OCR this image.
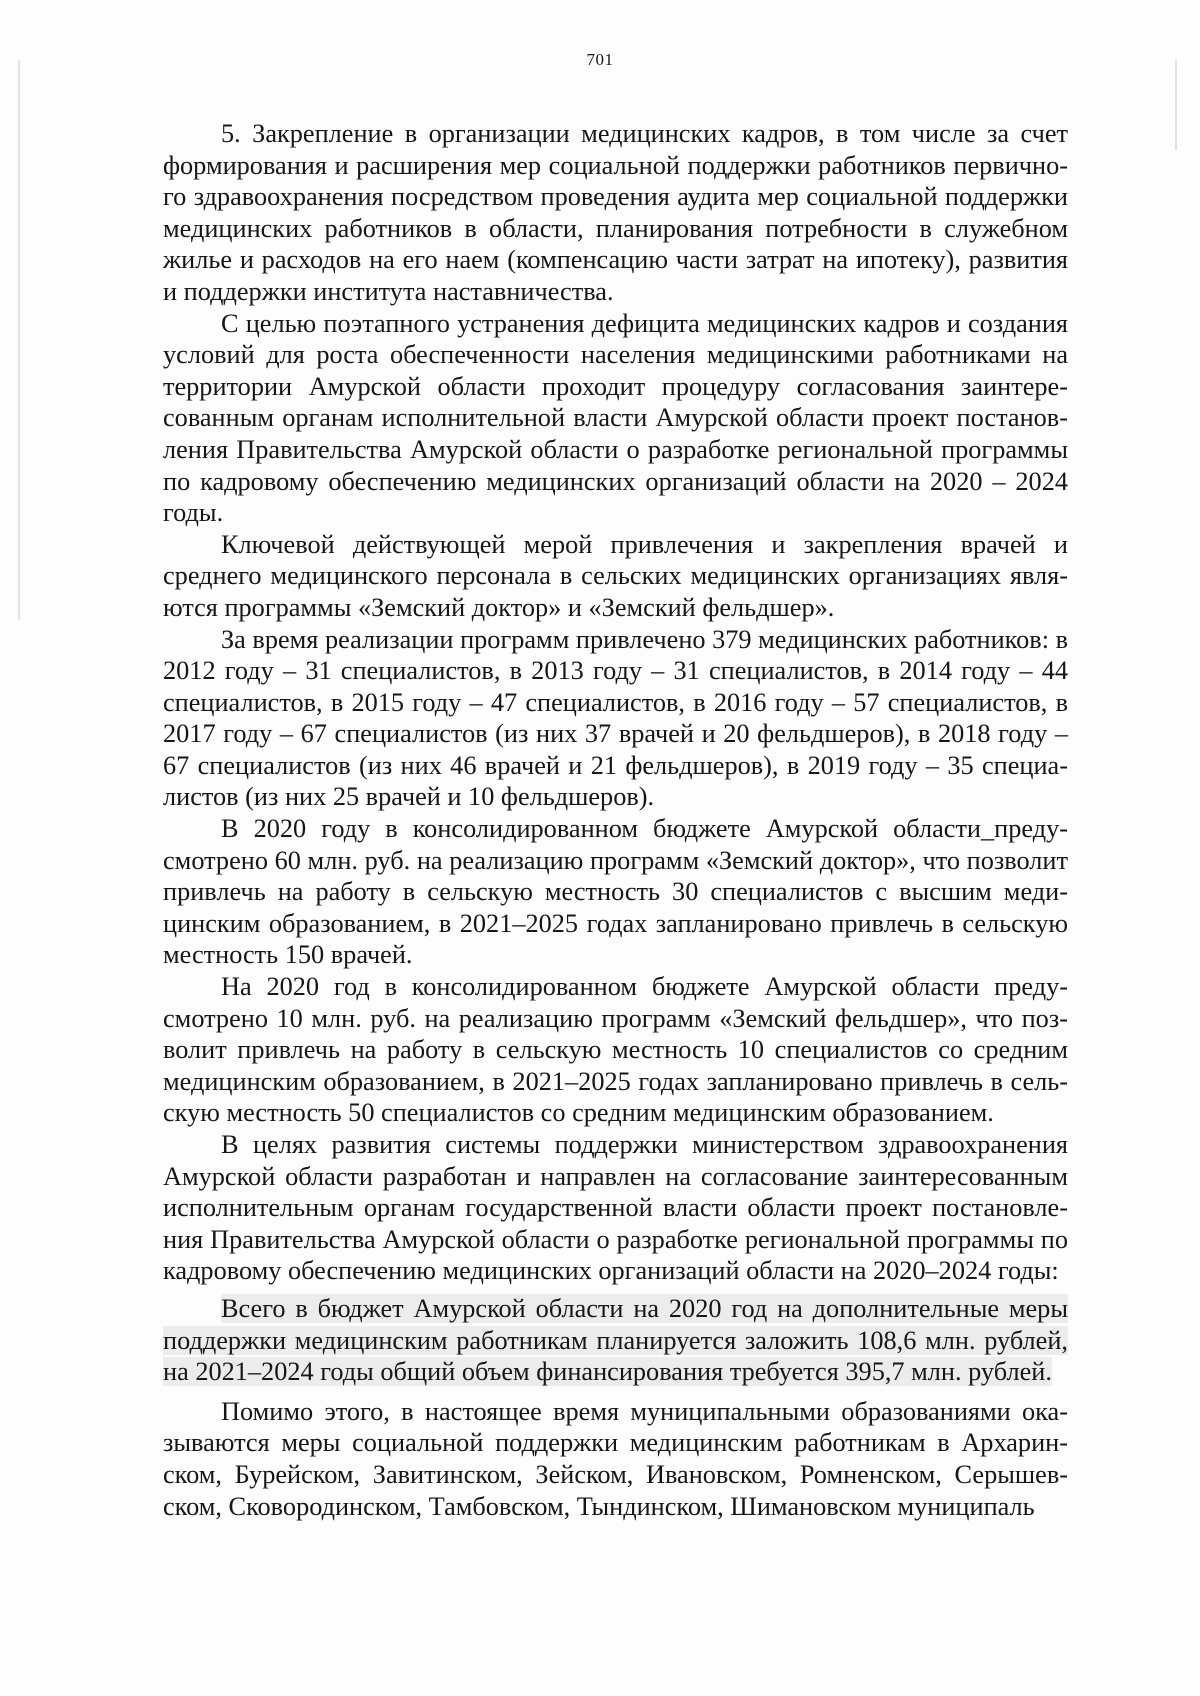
701

5. Закрепление в организации медицинских кадров, в том числе за счет формирования и расширения мер социальной поддержки работников первичного здравоохранения посредством проведения аудита мер социальной поддержки медицинских работников в области, планирования потребности в служебном жилье и расходов на его наем (компенсацию части затрат на ипотеку), развития и поддержки института наставничества.

С целью поэтапного устранения дефицита медицинских кадров и создания условий для роста обеспеченности населения медицинскими работниками на территории Амурской области проходит процедуру согласования заинтересованным органам исполнительной власти Амурской области проект постановления Правительства Амурской области о разработке региональной программы по кадровому обеспечению медицинских организаций области на 2020 – 2024 годы.

Ключевой действующей мерой привлечения и закрепления врачей и среднего медицинского персонала в сельских медицинских организациях являются программы «Земский доктор» и «Земский фельдшер».

За время реализации программ привлечено 379 медицинских работников: в 2012 году – 31 специалистов, в 2013 году – 31 специалистов, в 2014 году – 44 специалистов, в 2015 году – 47 специалистов, в 2016 году – 57 специалистов, в 2017 году – 67 специалистов (из них 37 врачей и 20 фельдшеров), в 2018 году – 67 специалистов (из них 46 врачей и 21 фельдшеров), в 2019 году – 35 специалистов (из них 25 врачей и 10 фельдшеров).

В 2020 году в консолидированном бюджете Амурской области_предусмотрено 60 млн. руб. на реализацию программ «Земский доктор», что позволит привлечь на работу в сельскую местность 30 специалистов с высшим медицинским образованием, в 2021–2025 годах запланировано привлечь в сельскую местность 150 врачей.

На 2020 год в консолидированном бюджете Амурской области предусмотрено 10 млн. руб. на реализацию программ «Земский фельдшер», что позволит привлечь на работу в сельскую местность 10 специалистов со средним медицинским образованием, в 2021–2025 годах запланировано привлечь в сельскую местность 50 специалистов со средним медицинским образованием.

В целях развития системы поддержки министерством здравоохранения Амурской области разработан и направлен на согласование заинтересованным исполнительным органам государственной власти области проект постановления Правительства Амурской области о разработке региональной программы по кадровому обеспечению медицинских организаций области на 2020–2024 годы:

Всего в бюджет Амурской области на 2020 год на дополнительные меры поддержки медицинским работникам планируется заложить 108,6 млн. рублей, на 2021–2024 годы общий объем финансирования требуется 395,7 млн. рублей.

Помимо этого, в настоящее время муниципальными образованиями оказываются меры социальной поддержки медицинским работникам в Архаринском, Бурейском, Завитинском, Зейском, Ивановском, Ромненском, Серышевском, Сковородинском, Тамбовском, Тындинском, Шимановском муниципаль
